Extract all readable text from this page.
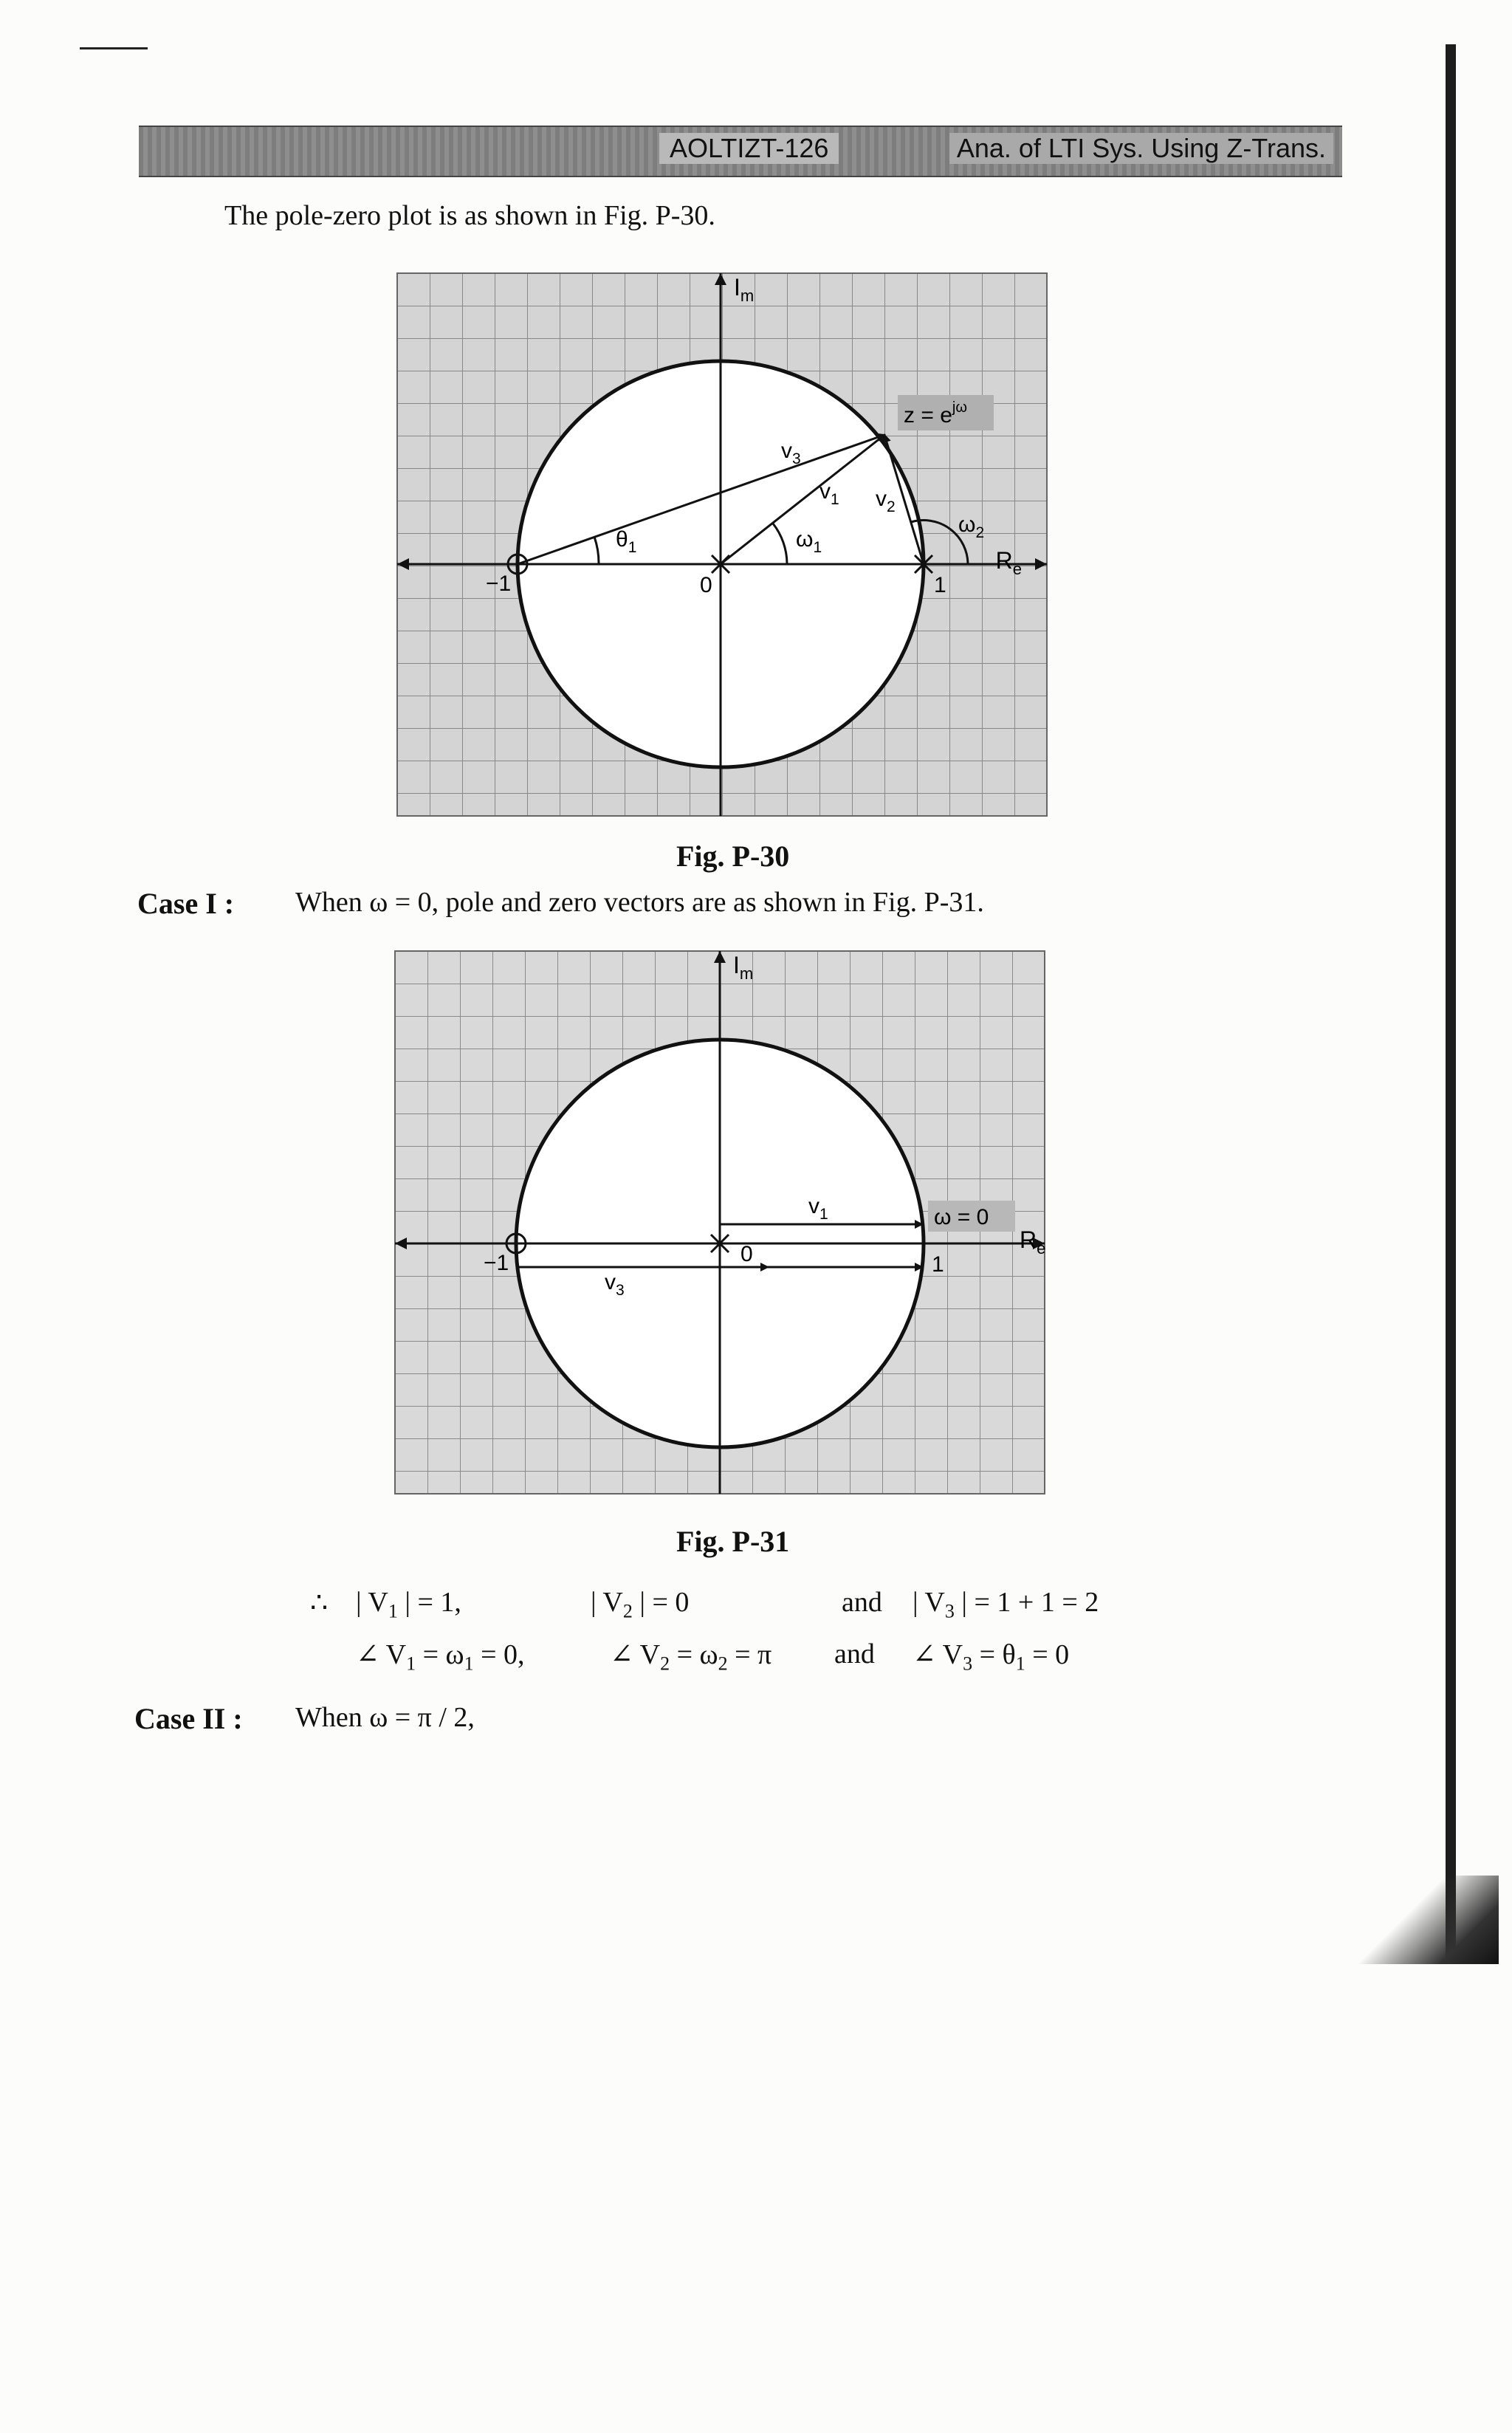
AOLTIZT-126	Ana. of LTI Sys. Using Z-Trans.
The pole-zero plot is as shown in Fig. P-30.
$I_m$
$R_e$
−1	0	1
$z = e^{j\omega}$
$v_3$
$v_1$ $v_2$
$\theta_1$	$\omega_1$
$\omega_2$
Fig. P-30
Case I : When ω = 0, pole and zero vectors are as shown in Fig. P-31.
$I_m$
$R_e$
−1	0	1
ω = 0
$v_1$
$v_3$
Fig. P-31
∴ | $V_1$ | = 1,	| $V_2$ | = 0	and | $V_3$ | = 1 + 1 = 2
∠ $V_1 = \omega_1 = 0$,	∠ $V_2 = \omega_2 = \pi$ and ∠ $V_3 = \theta_1 = 0$
Case II : When ω = π / 2,
